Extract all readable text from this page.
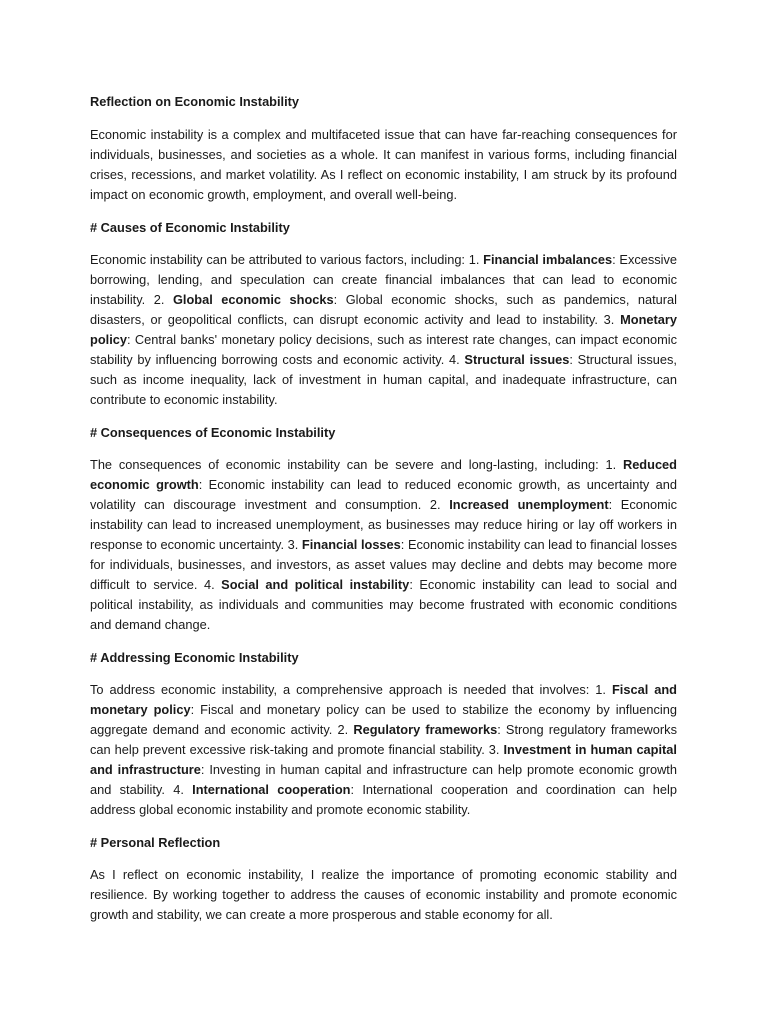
Reflection on Economic Instability

Economic instability is a complex and multifaceted issue that can have far-reaching consequences for individuals, businesses, and societies as a whole. It can manifest in various forms, including financial crises, recessions, and market volatility. As I reflect on economic instability, I am struck by its profound impact on economic growth, employment, and overall well-being.

# Causes of Economic Instability

Economic instability can be attributed to various factors, including: 1. Financial imbalances: Excessive borrowing, lending, and speculation can create financial imbalances that can lead to economic instability. 2. Global economic shocks: Global economic shocks, such as pandemics, natural disasters, or geopolitical conflicts, can disrupt economic activity and lead to instability. 3. Monetary policy: Central banks' monetary policy decisions, such as interest rate changes, can impact economic stability by influencing borrowing costs and economic activity. 4. Structural issues: Structural issues, such as income inequality, lack of investment in human capital, and inadequate infrastructure, can contribute to economic instability.

# Consequences of Economic Instability

The consequences of economic instability can be severe and long-lasting, including: 1. Reduced economic growth: Economic instability can lead to reduced economic growth, as uncertainty and volatility can discourage investment and consumption. 2. Increased unemployment: Economic instability can lead to increased unemployment, as businesses may reduce hiring or lay off workers in response to economic uncertainty. 3. Financial losses: Economic instability can lead to financial losses for individuals, businesses, and investors, as asset values may decline and debts may become more difficult to service. 4. Social and political instability: Economic instability can lead to social and political instability, as individuals and communities may become frustrated with economic conditions and demand change.

# Addressing Economic Instability

To address economic instability, a comprehensive approach is needed that involves: 1. Fiscal and monetary policy: Fiscal and monetary policy can be used to stabilize the economy by influencing aggregate demand and economic activity. 2. Regulatory frameworks: Strong regulatory frameworks can help prevent excessive risk-taking and promote financial stability. 3. Investment in human capital and infrastructure: Investing in human capital and infrastructure can help promote economic growth and stability. 4. International cooperation: International cooperation and coordination can help address global economic instability and promote economic stability.

# Personal Reflection

As I reflect on economic instability, I realize the importance of promoting economic stability and resilience. By working together to address the causes of economic instability and promote economic growth and stability, we can create a more prosperous and stable economy for all.
